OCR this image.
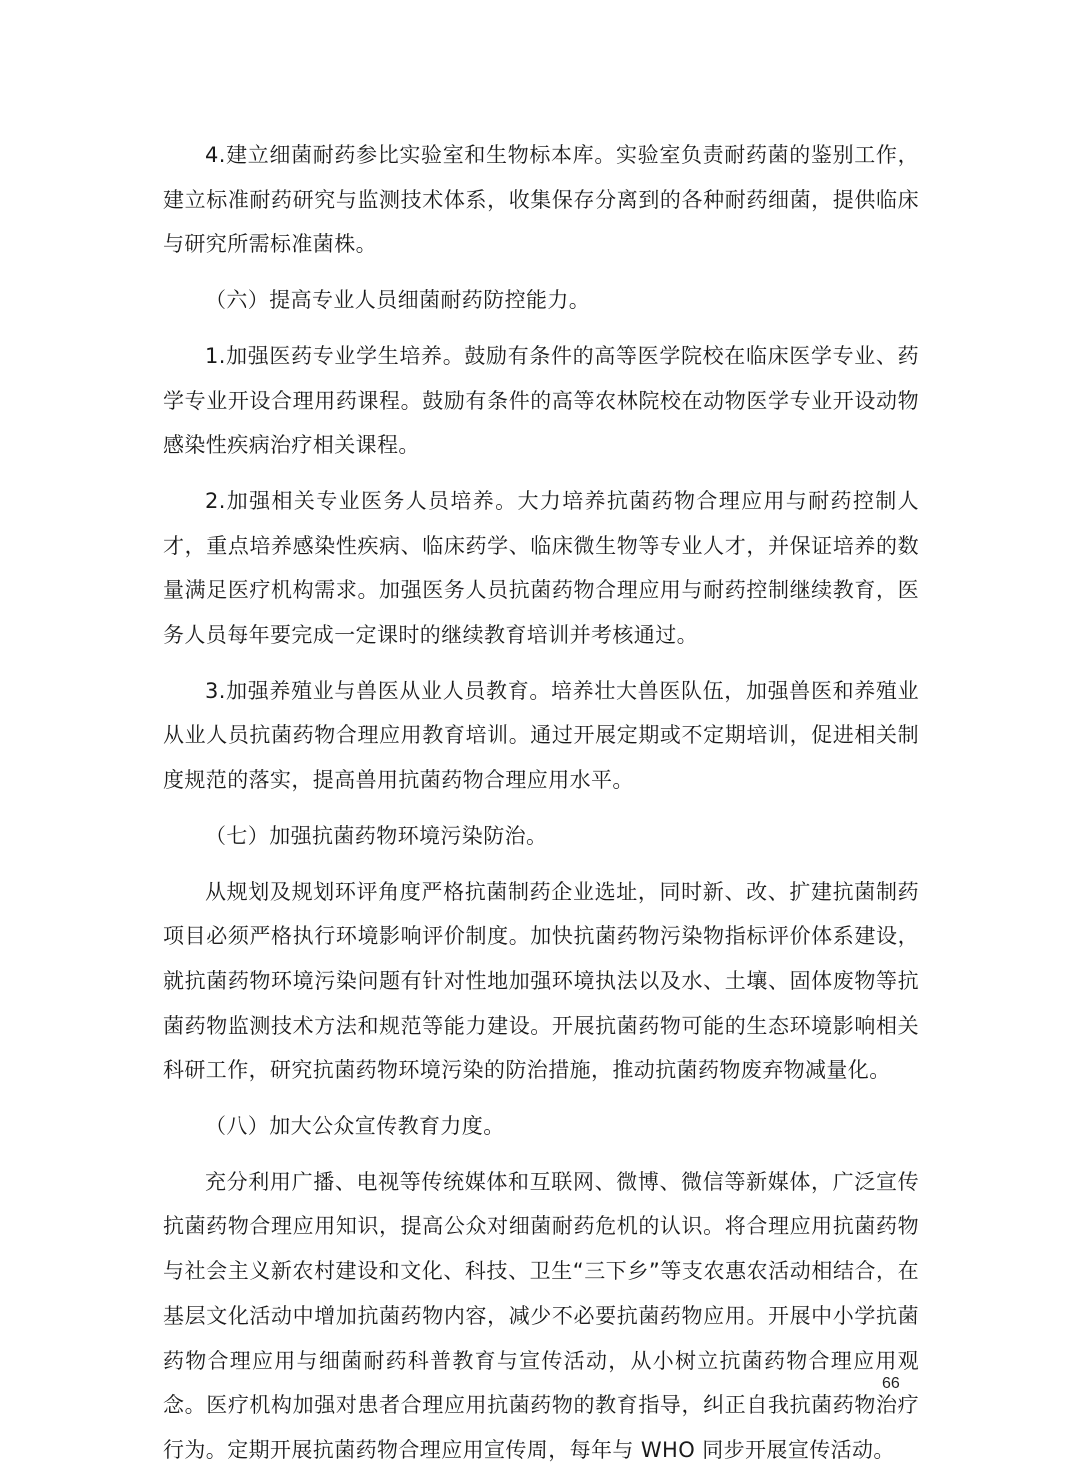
4.建立细菌耐药参比实验室和生物标本库。实验室负责耐药菌的鉴别工作，建立标准耐药研究与监测技术体系，收集保存分离到的各种耐药细菌，提供临床与研究所需标准菌株。

（六）提高专业人员细菌耐药防控能力。

1.加强医药专业学生培养。鼓励有条件的高等医学院校在临床医学专业、药学专业开设合理用药课程。鼓励有条件的高等农林院校在动物医学专业开设动物感染性疾病治疗相关课程。

2.加强相关专业医务人员培养。大力培养抗菌药物合理应用与耐药控制人才，重点培养感染性疾病、临床药学、临床微生物等专业人才，并保证培养的数量满足医疗机构需求。加强医务人员抗菌药物合理应用与耐药控制继续教育，医务人员每年要完成一定课时的继续教育培训并考核通过。

3.加强养殖业与兽医从业人员教育。培养壮大兽医队伍，加强兽医和养殖业从业人员抗菌药物合理应用教育培训。通过开展定期或不定期培训，促进相关制度规范的落实，提高兽用抗菌药物合理应用水平。

（七）加强抗菌药物环境污染防治。

从规划及规划环评角度严格抗菌制药企业选址，同时新、改、扩建抗菌制药项目必须严格执行环境影响评价制度。加快抗菌药物污染物指标评价体系建设，就抗菌药物环境污染问题有针对性地加强环境执法以及水、土壤、固体废物等抗菌药物监测技术方法和规范等能力建设。开展抗菌药物可能的生态环境影响相关科研工作，研究抗菌药物环境污染的防治措施，推动抗菌药物废弃物减量化。

（八）加大公众宣传教育力度。

充分利用广播、电视等传统媒体和互联网、微博、微信等新媒体，广泛宣传抗菌药物合理应用知识，提高公众对细菌耐药危机的认识。将合理应用抗菌药物与社会主义新农村建设和文化、科技、卫生“三下乡”等支农惠农活动相结合，在基层文化活动中增加抗菌药物内容，减少不必要抗菌药物应用。开展中小学抗菌药物合理应用与细菌耐药科普教育与宣传活动，从小树立抗菌药物合理应用观念。医疗机构加强对患者合理应用抗菌药物的教育指导，纠正自我抗菌药物治疗行为。定期开展抗菌药物合理应用宣传周，每年与 WHO 同步开展宣传活动。

66
